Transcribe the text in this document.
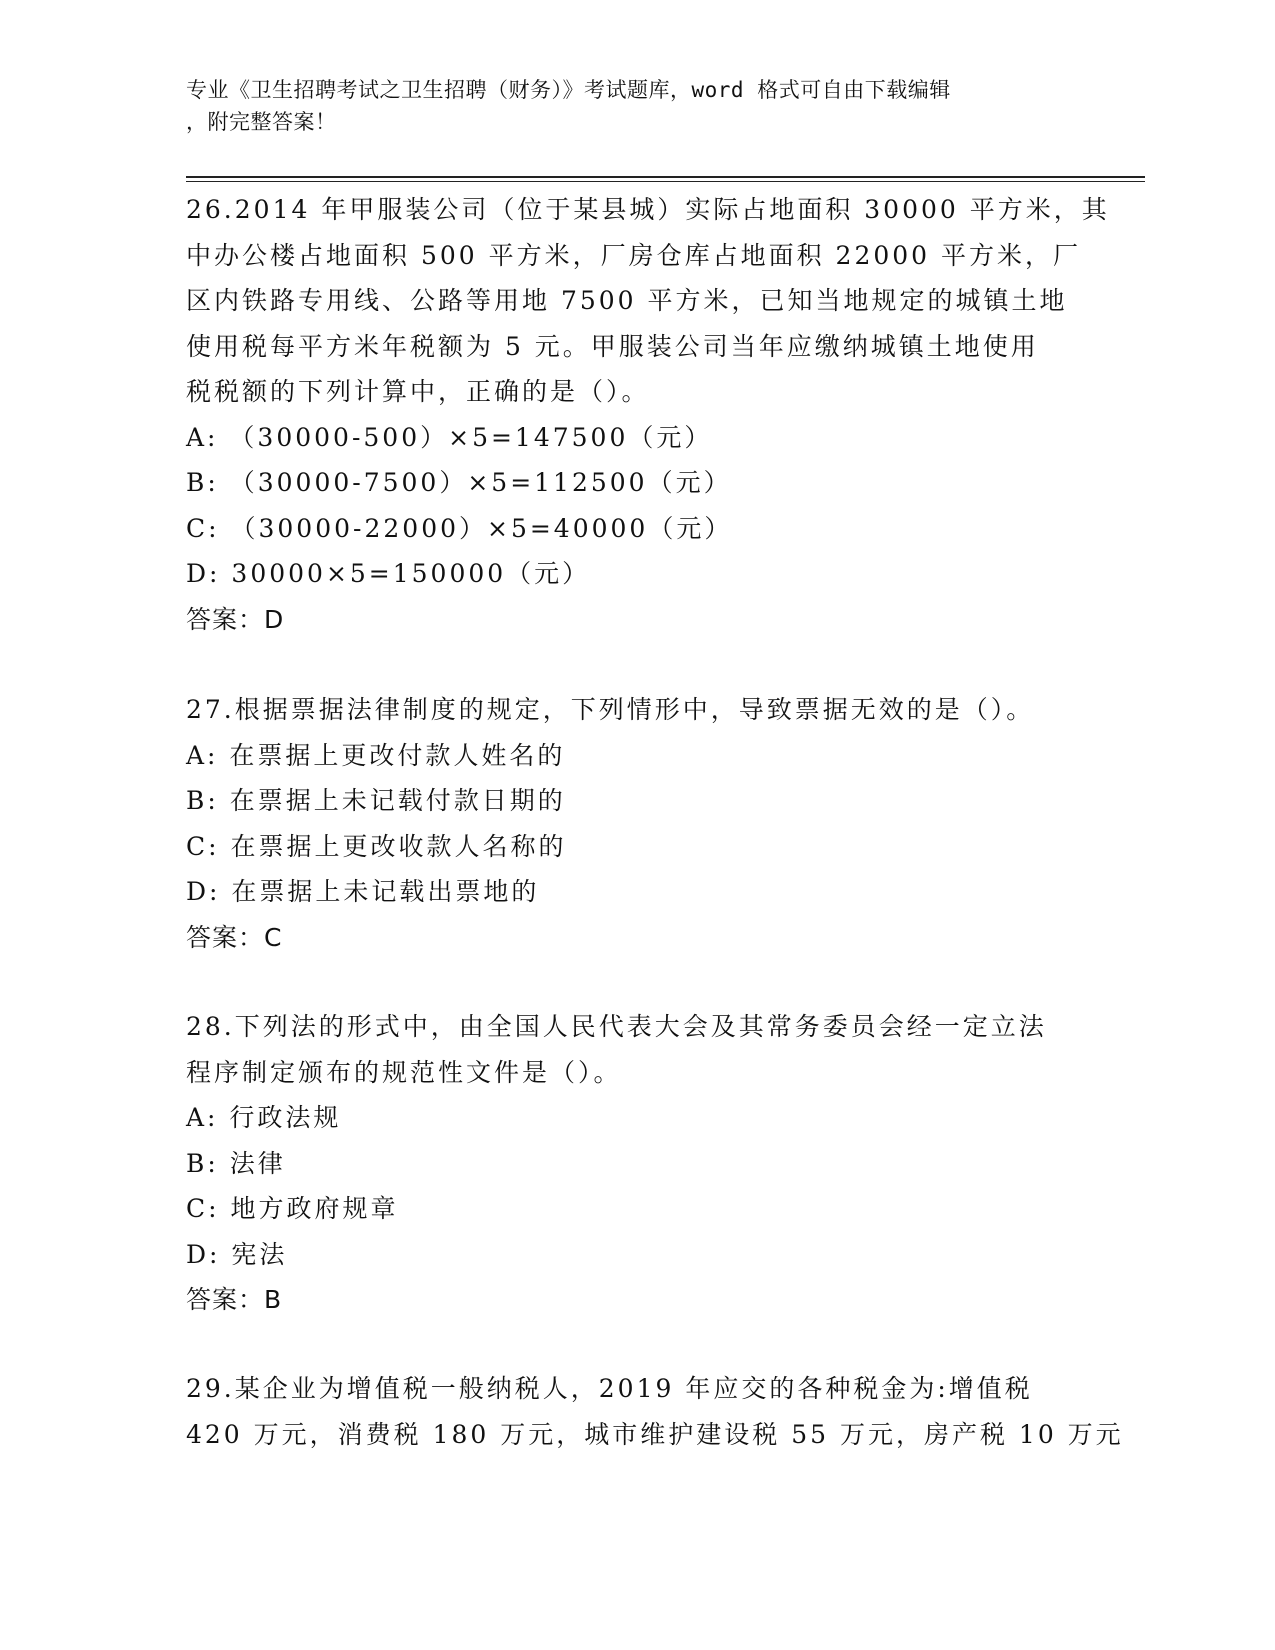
专业《卫生招聘考试之卫生招聘（财务）》考试题库，word 格式可自由下载编辑
，附完整答案！
26.2014 年甲服装公司（位于某县城）实际占地面积 30000 平方米，其
中办公楼占地面积 500 平方米，厂房仓库占地面积 22000 平方米，厂
区内铁路专用线、公路等用地 7500 平方米，已知当地规定的城镇土地
使用税每平方米年税额为 5 元。甲服装公司当年应缴纳城镇土地使用
税税额的下列计算中，正确的是（）。
A: （30000-500）×5=147500（元）
B: （30000-7500）×5=112500（元）
C: （30000-22000）×5=40000（元）
D: 30000×5=150000（元）
答案：D
27.根据票据法律制度的规定，下列情形中，导致票据无效的是（）。
A: 在票据上更改付款人姓名的
B: 在票据上未记载付款日期的
C: 在票据上更改收款人名称的
D: 在票据上未记载出票地的
答案：C
28.下列法的形式中，由全国人民代表大会及其常务委员会经一定立法
程序制定颁布的规范性文件是（）。
A: 行政法规
B: 法律
C: 地方政府规章
D: 宪法
答案：B
29.某企业为增值税一般纳税人，2019 年应交的各种税金为:增值税
420 万元，消费税 180 万元，城市维护建设税 55 万元，房产税 10 万元
